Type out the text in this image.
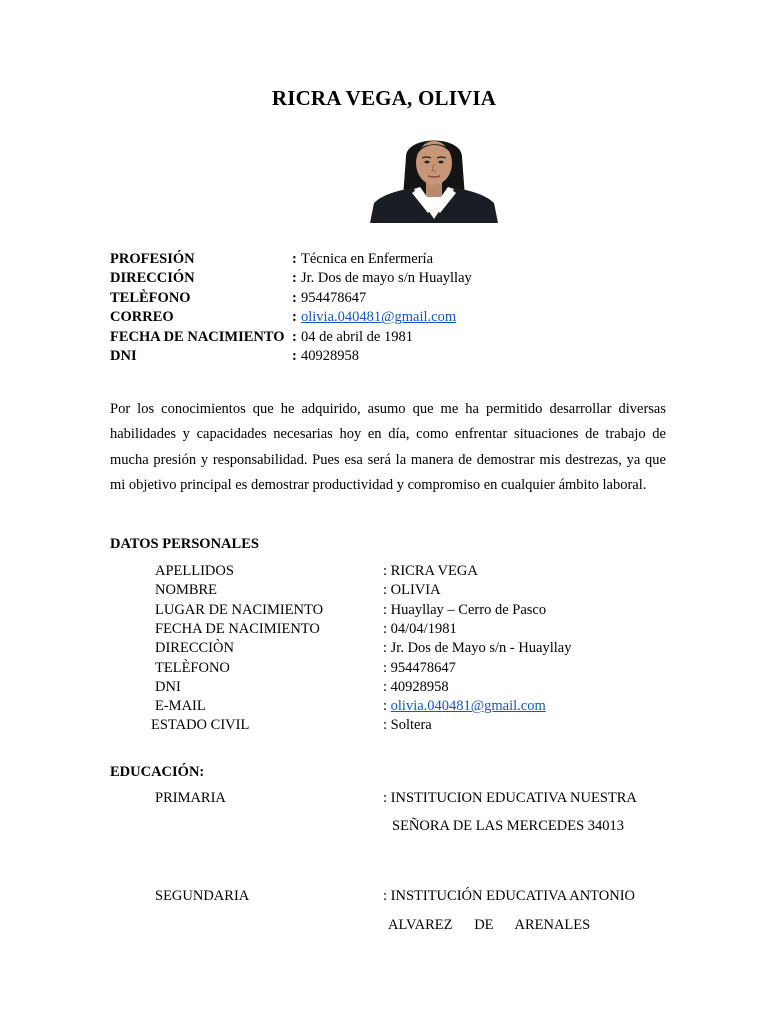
RICRA VEGA, OLIVIA
PROFESIÓN	: Técnica en Enfermería
DIRECCIÓN	: Jr. Dos de mayo s/n Huayllay
TELÈFONO	: 954478647
CORREO	: olivia.040481@gmail.com
FECHA DE NACIMIENTO : 04 de abril de 1981
DNI	: 40928958
Por los conocimientos que he adquirido, asumo que me ha permitido desarrollar diversas habilidades y capacidades necesarias hoy en día, como enfrentar situaciones de trabajo de mucha presión y responsabilidad. Pues esa será la manera de demostrar mis destrezas, ya que mi objetivo principal es demostrar productividad y compromiso en cualquier ámbito laboral.
DATOS PERSONALES
APELLIDOS	: RICRA VEGA
NOMBRE	: OLIVIA
LUGAR DE NACIMIENTO	: Huayllay – Cerro de Pasco
FECHA DE NACIMIENTO	: 04/04/1981
DIRECCIÒN	: Jr. Dos de Mayo s/n - Huayllay
TELÈFONO	: 954478647
DNI	: 40928958
E-MAIL	: olivia.040481@gmail.com
ESTADO CIVIL	: Soltera
EDUCACIÓN:
PRIMARIA	: INSTITUCION EDUCATIVA NUESTRA
SEÑORA DE LAS MERCEDES 34013
SEGUNDARIA	: INSTITUCIÓN EDUCATIVA ANTONIO
ALVAREZ      DE      ARENALES
